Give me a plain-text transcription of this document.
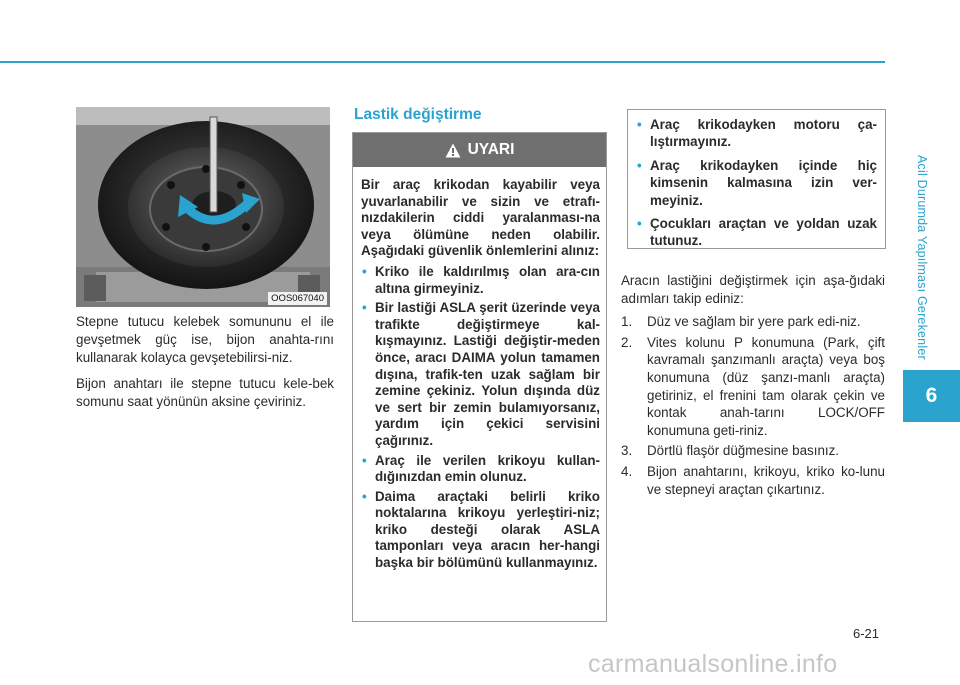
Acil Durumda Yapılması Gerekenler
6
OOS067040

Stepne tutucu kelebek somununu el ile gevşetmek güç ise, bijon anahta-rını kullanarak kolayca gevşetebilirsi-niz.

Bijon anahtarı ile stepne tutucu kele-bek somunu saat yönünün aksine çeviriniz.

Lastik değiştirme
UYARI

Bir araç krikodan kayabilir veya yuvarlanabilir ve sizin ve etrafı-nızdakilerin ciddi yaralanması-na veya ölümüne neden olabilir. Aşağıdaki güvenlik önlemlerini alınız:

• Kriko ile kaldırılmış olan ara-cın altına girmeyiniz.
• Bir lastiği ASLA şerit üzerinde veya trafikte değiştirmeye kal-kışmayınız. Lastiği değiştir-meden önce, aracı DAIMA yolun tamamen dışına, trafik-ten uzak sağlam bir zemine çekiniz. Yolun dışında düz ve sert bir zemin bulamıyorsanız, yardım için çekici servisini çağırınız.
• Araç ile verilen krikoyu kullan-dığınızdan emin olunuz.
• Daima araçtaki belirli kriko noktalarına krikoyu yerleştiri-niz; kriko desteği olarak ASLA tamponları veya aracın her-hangi başka bir bölümünü kullanmayınız.
• Araç krikodayken motoru ça-lıştırmayınız.
• Araç krikodayken içinde hiç kimsenin kalmasına izin ver-meyiniz.
• Çocukları araçtan ve yoldan uzak tutunuz.

Aracın lastiğini değiştirmek için aşa-ğıdaki adımları takip ediniz:

1.	Düz ve sağlam bir yere park edi-niz.
2.	Vites kolunu P konumuna (Park, çift kavramalı şanzımanlı araçta) veya boş konumuna (düz şanzı-manlı araçta) getiriniz, el frenini tam olarak çekin ve kontak anah-tarını LOCK/OFF konumuna geti-riniz.
3.	Dörtlü flaşör düğmesine basınız.
4.	Bijon anahtarını, krikoyu, kriko ko-lunu ve stepneyi araçtan çıkartınız.
6-21
carmanualsonline.info
